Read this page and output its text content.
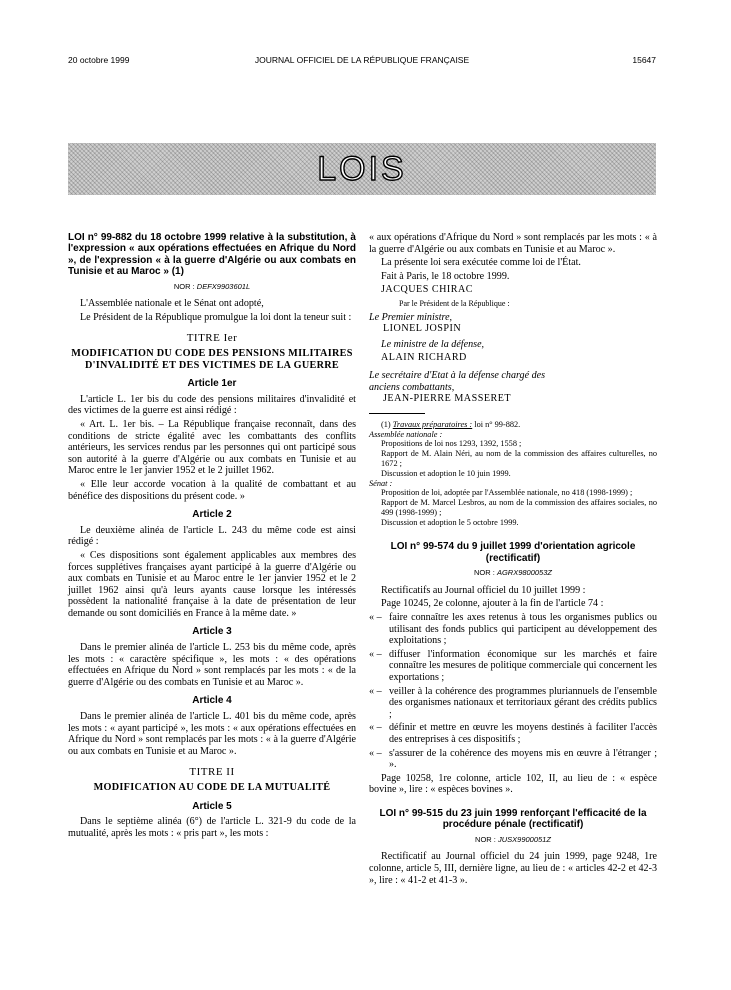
20 octobre 1999	JOURNAL OFFICIEL DE LA RÉPUBLIQUE FRANÇAISE	15647
LOIS
LOI n° 99-882 du 18 octobre 1999 relative à la substitution, à l'expression « aux opérations effectuées en Afrique du Nord », de l'expression « à la guerre d'Algérie ou aux combats en Tunisie et au Maroc » (1)
NOR : DEFX9903601L

L'Assemblée nationale et le Sénat ont adopté,

Le Président de la République promulgue la loi dont la teneur suit :

TITRE Ier
MODIFICATION DU CODE DES PENSIONS MILITAIRES D'INVALIDITÉ ET DES VICTIMES DE LA GUERRE
Article 1er

L'article L. 1er bis du code des pensions militaires d'invalidité et des victimes de la guerre est ainsi rédigé :

« Art. L. 1er bis. – La République française reconnaît, dans des conditions de stricte égalité avec les combattants des conflits antérieurs, les services rendus par les personnes qui ont participé sous son autorité à la guerre d'Algérie ou aux combats en Tunisie et au Maroc entre le 1er janvier 1952 et le 2 juillet 1962.

« Elle leur accorde vocation à la qualité de combattant et au bénéfice des dispositions du présent code. »

Article 2

Le deuxième alinéa de l'article L. 243 du même code est ainsi rédigé :

« Ces dispositions sont également applicables aux membres des forces supplétives françaises ayant participé à la guerre d'Algérie ou aux combats en Tunisie et au Maroc entre le 1er janvier 1952 et le 2 juillet 1962 ainsi qu'à leurs ayants cause lorsque les intéressés possèdent la nationalité française à la date de présentation de leur demande ou sont domiciliés en France à la même date. »

Article 3

Dans le premier alinéa de l'article L. 253 bis du même code, après les mots : « caractère spécifique », les mots : « des opérations effectuées en Afrique du Nord » sont remplacés par les mots : « de la guerre d'Algérie ou des combats en Tunisie et au Maroc ».

Article 4

Dans le premier alinéa de l'article L. 401 bis du même code, après les mots : « ayant participé », les mots : « aux opérations effectuées en Afrique du Nord » sont remplacés par les mots : « à la guerre d'Algérie ou aux combats en Tunisie et au Maroc ».

TITRE II
MODIFICATION AU CODE DE LA MUTUALITÉ
Article 5

Dans le septième alinéa (6°) de l'article L. 321-9 du code de la mutualité, après les mots : « pris part », les mots :

« aux opérations d'Afrique du Nord » sont remplacés par les mots : « à la guerre d'Algérie ou aux combats en Tunisie et au Maroc ».

La présente loi sera exécutée comme loi de l'État.

Fait à Paris, le 18 octobre 1999.

JACQUES CHIRAC

Par le Président de la République :

Le Premier ministre,

LIONEL JOSPIN

Le ministre de la défense,

ALAIN RICHARD

Le secrétaire d'Etat à la défense chargé des anciens combattants,

JEAN-PIERRE MASSERET

(1) Travaux préparatoires : loi n° 99-882.

Assemblée nationale :

Propositions de loi nos 1293, 1392, 1558 ;

Rapport de M. Alain Néri, au nom de la commission des affaires culturelles, no 1672 ;

Discussion et adoption le 10 juin 1999.

Sénat :

Proposition de loi, adoptée par l'Assemblée nationale, no 418 (1998-1999) ;

Rapport de M. Marcel Lesbros, au nom de la commission des affaires sociales, no 499 (1998-1999) ;

Discussion et adoption le 5 octobre 1999.

LOI n° 99-574 du 9 juillet 1999 d'orientation agricole (rectificatif)
NOR : AGRX9800053Z

Rectificatifs au Journal officiel du 10 juillet 1999 :

Page 10245, 2e colonne, ajouter à la fin de l'article 74 :

« – faire connaître les axes retenus à tous les organismes publics ou utilisant des fonds publics qui participent au développement des exploitations ;
« – diffuser l'information économique sur les marchés et faire connaître les mesures de politique commerciale qui concernent les exportations ;
« – veiller à la cohérence des programmes pluriannuels de l'ensemble des organismes nationaux et territoriaux gérant des crédits publics ;
« – définir et mettre en œuvre les moyens destinés à faciliter l'accès des entreprises à ces dispositifs ;
« – s'assurer de la cohérence des moyens mis en œuvre à l'étranger ; ».

Page 10258, 1re colonne, article 102, II, au lieu de : « espèce bovine », lire : « espèces bovines ».

LOI n° 99-515 du 23 juin 1999 renforçant l'efficacité de la procédure pénale (rectificatif)
NOR : JUSX9900051Z

Rectificatif au Journal officiel du 24 juin 1999, page 9248, 1re colonne, article 5, III, dernière ligne, au lieu de : « articles 42-2 et 42-3 », lire : « 41-2 et 41-3 ».
